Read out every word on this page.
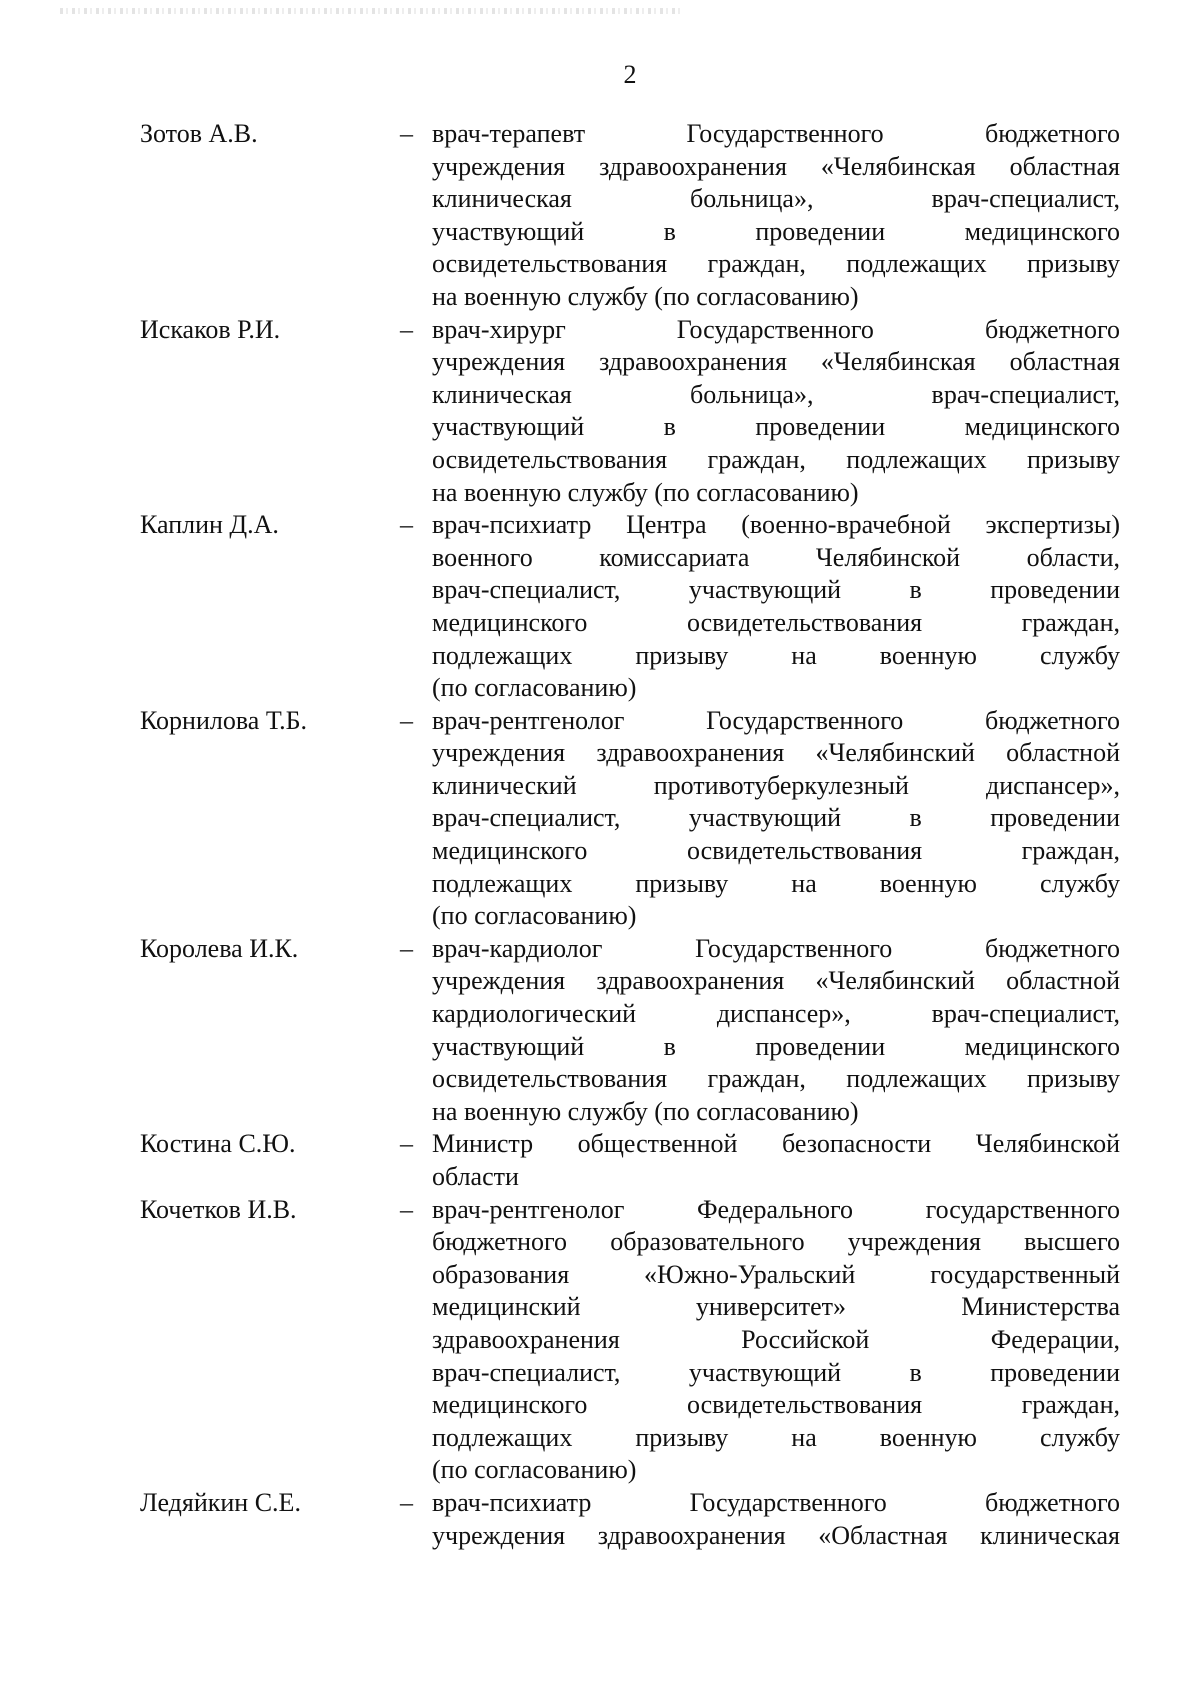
2
Зотов А.В.	– врач-терапевт Государственного бюджетного
учреждения здравоохранения «Челябинская областная
клиническая больница», врач-специалист,
участвующий в проведении медицинского
освидетельствования граждан, подлежащих призыву
на военную службу (по согласованию)
Искаков Р.И.	– врач-хирург Государственного бюджетного
учреждения здравоохранения «Челябинская областная
клиническая больница», врач-специалист,
участвующий в проведении медицинского
освидетельствования граждан, подлежащих призыву
на военную службу (по согласованию)
Каплин Д.А.	– врач-психиатр Центра (военно-врачебной экспертизы)
военного комиссариата Челябинской области,
врач-специалист, участвующий в проведении
медицинского освидетельствования граждан,
подлежащих призыву на военную службу
(по согласованию)
Корнилова Т.Б.	– врач-рентгенолог Государственного бюджетного
учреждения здравоохранения «Челябинский областной
клинический противотуберкулезный диспансер»,
врач-специалист, участвующий в проведении
медицинского освидетельствования граждан,
подлежащих призыву на военную службу
(по согласованию)
Королева И.К.	– врач-кардиолог Государственного бюджетного
учреждения здравоохранения «Челябинский областной
кардиологический диспансер», врач-специалист,
участвующий в проведении медицинского
освидетельствования граждан, подлежащих призыву
на военную службу (по согласованию)
Костина С.Ю.	– Министр общественной безопасности Челябинской
области
Кочетков И.В.	– врач-рентгенолог Федерального государственного
бюджетного образовательного учреждения высшего
образования «Южно-Уральский государственный
медицинский университет» Министерства
здравоохранения Российской Федерации,
врач-специалист, участвующий в проведении
медицинского освидетельствования граждан,
подлежащих призыву на военную службу
(по согласованию)
Ледяйкин С.Е.	– врач-психиатр Государственного бюджетного
учреждения здравоохранения «Областная клиническая
